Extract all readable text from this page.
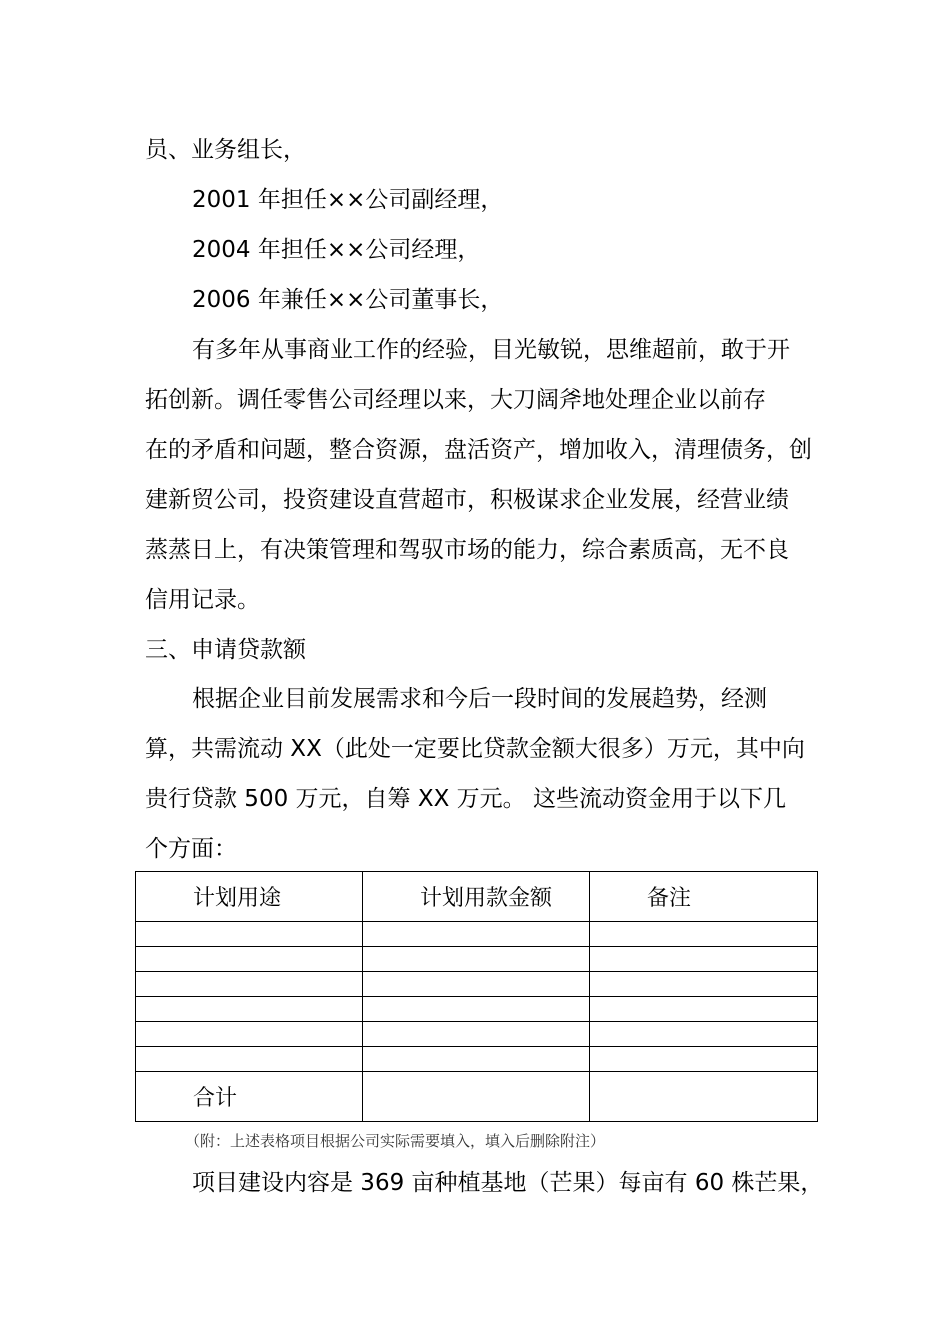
员、业务组长，
2001 年担任××公司副经理，
2004 年担任××公司经理，
2006 年兼任××公司董事长，
有多年从事商业工作的经验，目光敏锐，思维超前，敢于开
拓创新。调任零售公司经理以来，大刀阔斧地处理企业以前存
在的矛盾和问题，整合资源，盘活资产，增加收入，清理债务，创
建新贸公司，投资建设直营超市，积极谋求企业发展，经营业绩
蒸蒸日上，有决策管理和驾驭市场的能力，综合素质高，无不良
信用记录。
三、申请贷款额
根据企业目前发展需求和今后一段时间的发展趋势，经测
算，共需流动 XX（此处一定要比贷款金额大很多）万元，其中向
贵行贷款 500 万元，自筹 XX 万元。 这些流动资金用于以下几
个方面：
计划用途	计划用款金额	备注

合计		
（附：上述表格项目根据公司实际需要填入，填入后删除附注）
项目建设内容是 369 亩种植基地（芒果）每亩有 60 株芒果，
